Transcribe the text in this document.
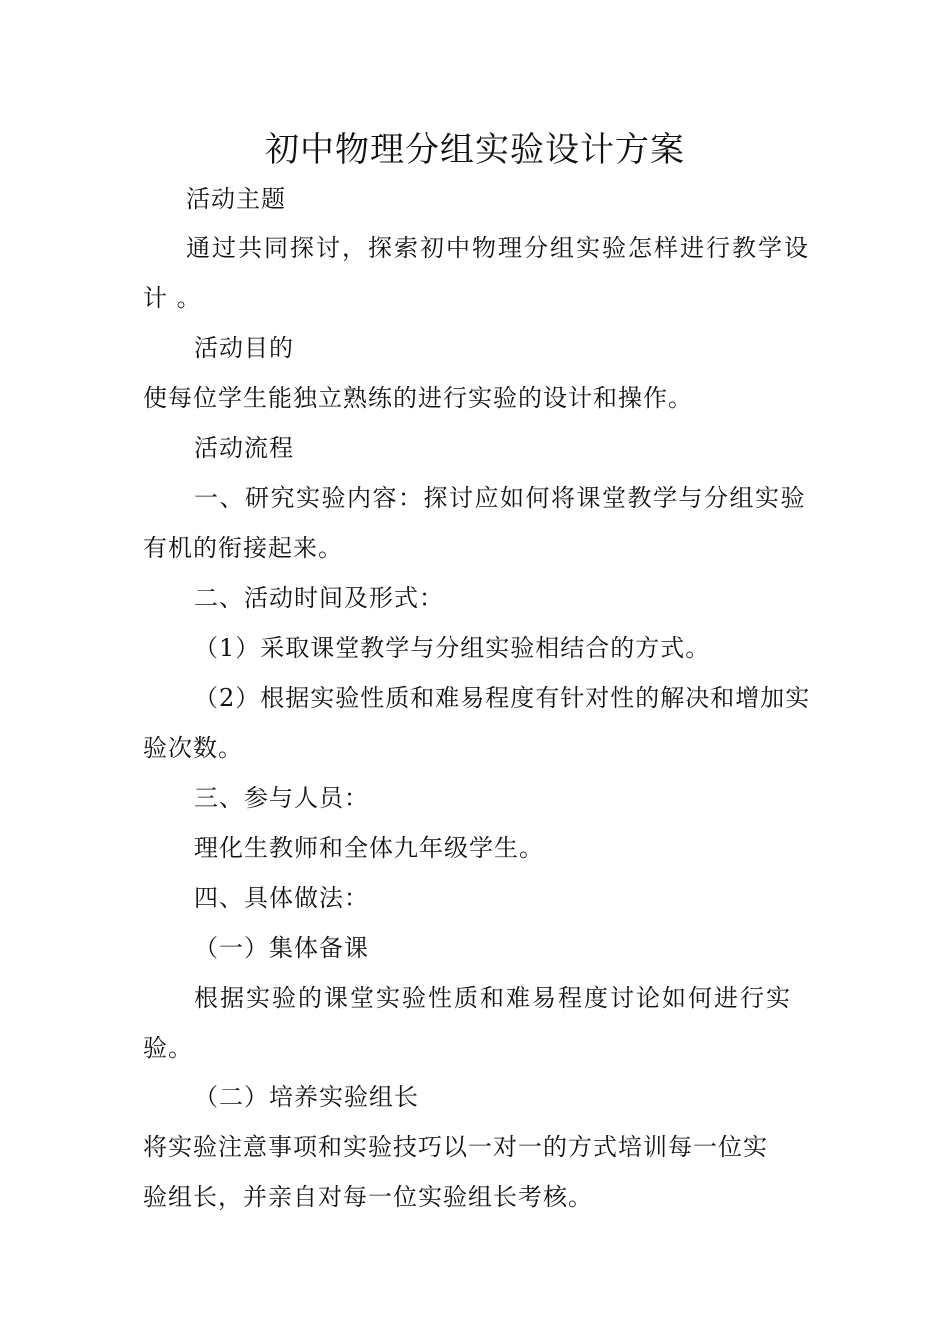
初中物理分组实验设计方案
活动主题
通过共同探讨，探索初中物理分组实验怎样进行教学设
计 。
活动目的
使每位学生能独立熟练的进行实验的设计和操作。
活动流程
一、研究实验内容：探讨应如何将课堂教学与分组实验
有机的衔接起来。
二、活动时间及形式：
（1）采取课堂教学与分组实验相结合的方式。
（2）根据实验性质和难易程度有针对性的解决和增加实
验次数。
三、参与人员：
理化生教师和全体九年级学生。
四、具体做法：
（一）集体备课
根据实验的课堂实验性质和难易程度讨论如何进行实
验。
（二）培养实验组长
将实验注意事项和实验技巧以一对一的方式培训每一位实
验组长，并亲自对每一位实验组长考核。
